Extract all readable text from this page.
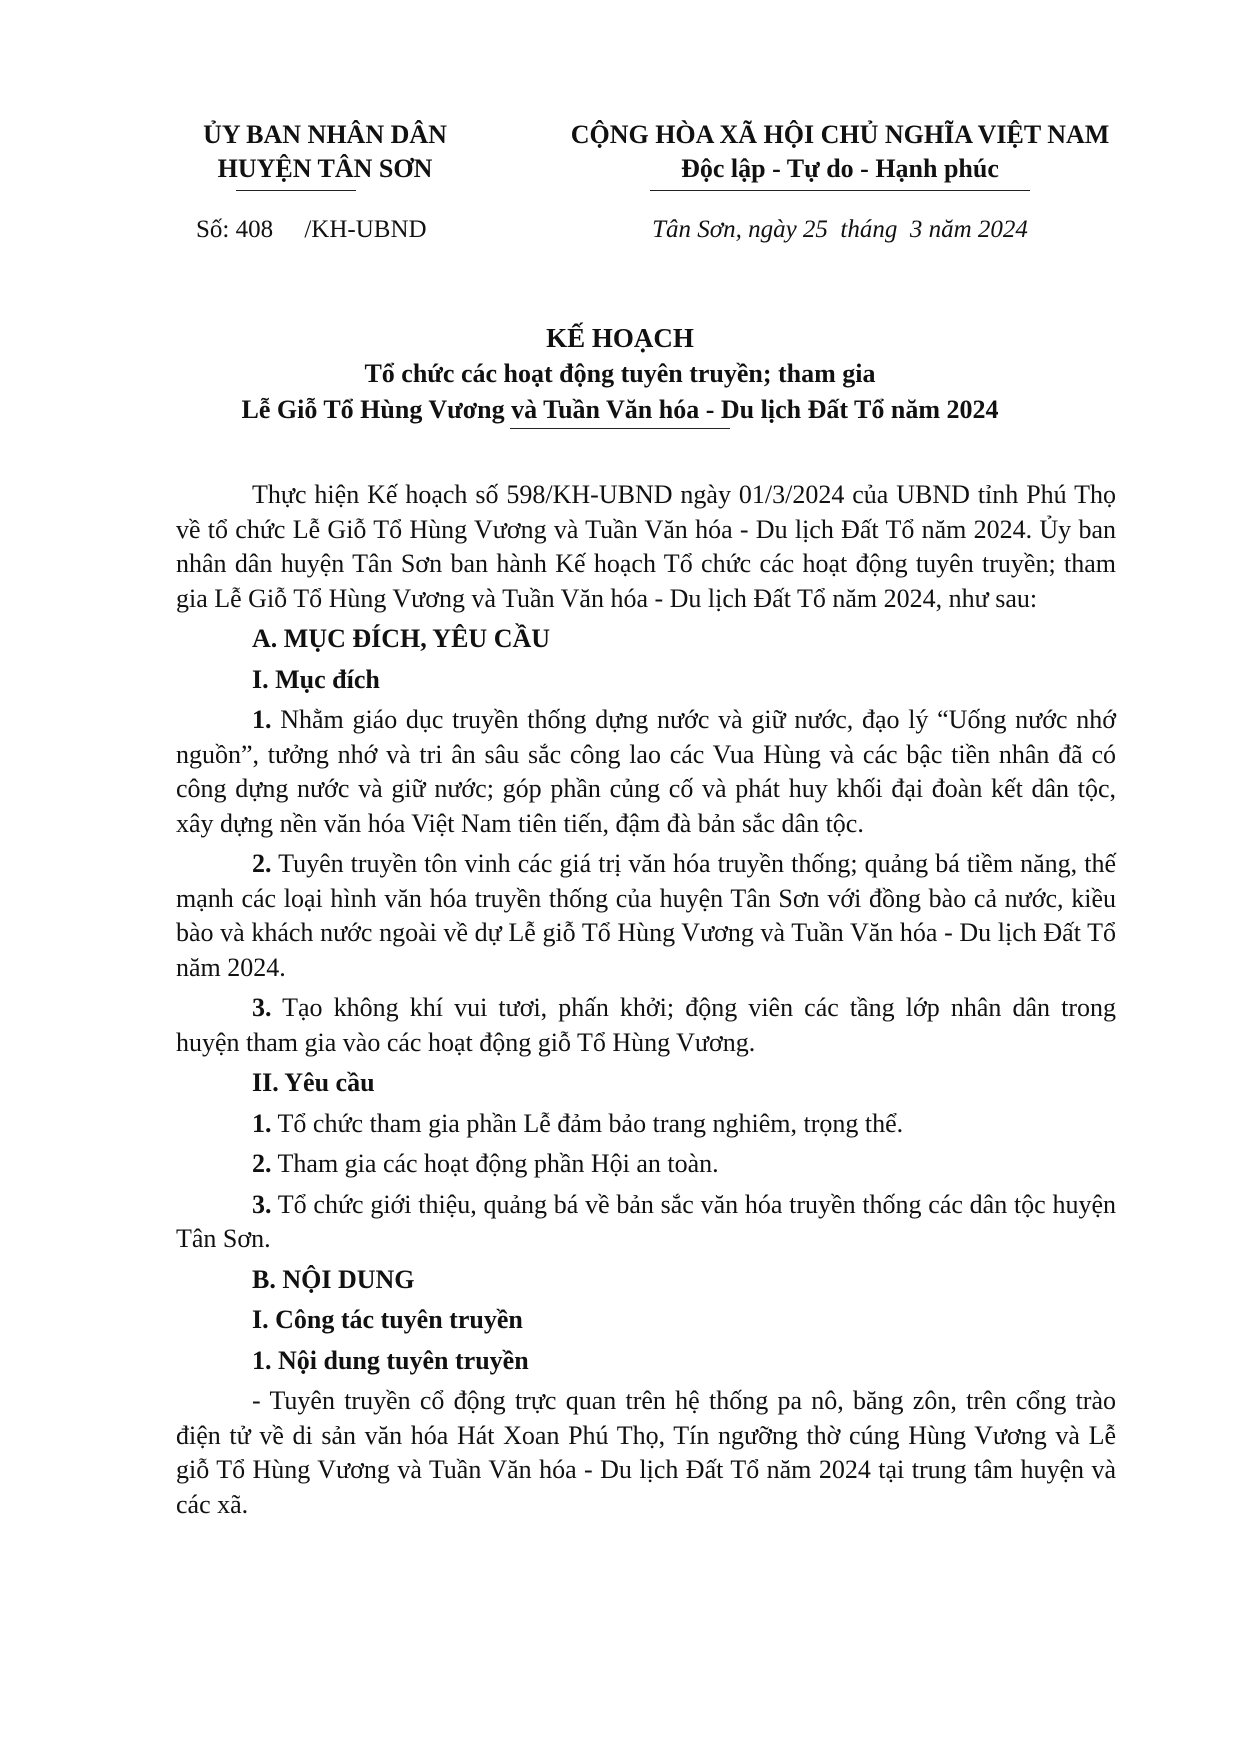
ỦY BAN NHÂN DÂN
HUYỆN TÂN SƠN
CỘNG HÒA XÃ HỘI CHỦ NGHĨA VIỆT NAM
Độc lập - Tự do - Hạnh phúc
Số: 408     /KH-UBND	Tân Sơn, ngày 25  tháng  3 năm 2024
KẾ HOẠCH
Tổ chức các hoạt động tuyên truyền; tham gia
Lễ Giỗ Tổ Hùng Vương và Tuần Văn hóa - Du lịch Đất Tổ năm 2024

Thực hiện Kế hoạch số 598/KH-UBND ngày 01/3/2024 của UBND tỉnh Phú Thọ về tổ chức Lễ Giỗ Tổ Hùng Vương và Tuần Văn hóa - Du lịch Đất Tổ năm 2024. Ủy ban nhân dân huyện Tân Sơn ban hành Kế hoạch Tổ chức các hoạt động tuyên truyền; tham gia Lễ Giỗ Tổ Hùng Vương và Tuần Văn hóa - Du lịch Đất Tổ năm 2024, như sau:

A. MỤC ĐÍCH, YÊU CẦU
I. Mục đích

1. Nhằm giáo dục truyền thống dựng nước và giữ nước, đạo lý “Uống nước nhớ nguồn”, tưởng nhớ và tri ân sâu sắc công lao các Vua Hùng và các bậc tiền nhân đã có công dựng nước và giữ nước; góp phần củng cố và phát huy khối đại đoàn kết dân tộc, xây dựng nền văn hóa Việt Nam tiên tiến, đậm đà bản sắc dân tộc.

2. Tuyên truyền tôn vinh các giá trị văn hóa truyền thống; quảng bá tiềm năng, thế mạnh các loại hình văn hóa truyền thống của huyện Tân Sơn với đồng bào cả nước, kiều bào và khách nước ngoài về dự Lễ giỗ Tổ Hùng Vương và Tuần Văn hóa - Du lịch Đất Tổ năm 2024.

3. Tạo không khí vui tươi, phấn khởi; động viên các tầng lớp nhân dân trong huyện tham gia vào các hoạt động giỗ Tổ Hùng Vương.

II. Yêu cầu

1. Tổ chức tham gia phần Lễ đảm bảo trang nghiêm, trọng thể.

2. Tham gia các hoạt động phần Hội an toàn.

3. Tổ chức giới thiệu, quảng bá về bản sắc văn hóa truyền thống các dân tộc huyện Tân Sơn.

B. NỘI DUNG
I. Công tác tuyên truyền
1. Nội dung tuyên truyền

- Tuyên truyền cổ động trực quan trên hệ thống pa nô, băng zôn, trên cổng trào điện tử về di sản văn hóa Hát Xoan Phú Thọ, Tín ngưỡng thờ cúng Hùng Vương và Lễ giỗ Tổ Hùng Vương và Tuần Văn hóa - Du lịch Đất Tổ năm 2024 tại trung tâm huyện và các xã.
